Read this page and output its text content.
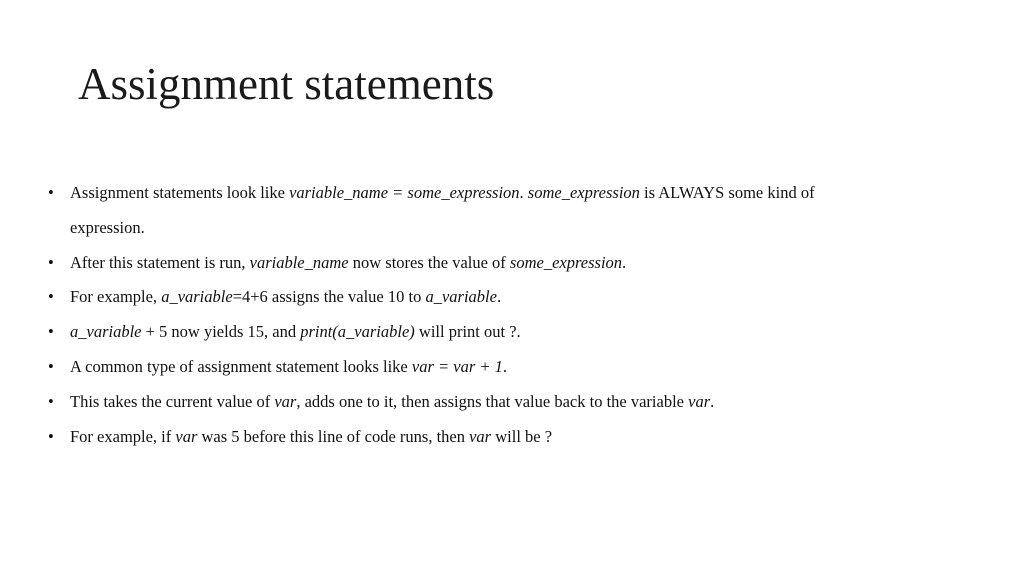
Assignment statements
• Assignment statements look like variable_name = some_expression. some_expression is ALWAYS some kind of expression.
• After this statement is run, variable_name now stores the value of some_expression.
• For example, a_variable=4+6 assigns the value 10 to a_variable.
• a_variable + 5 now yields 15, and print(a_variable) will print out ?.
• A common type of assignment statement looks like var = var + 1.
• This takes the current value of var, adds one to it, then assigns that value back to the variable var.
• For example, if var was 5 before this line of code runs, then var will be ?
